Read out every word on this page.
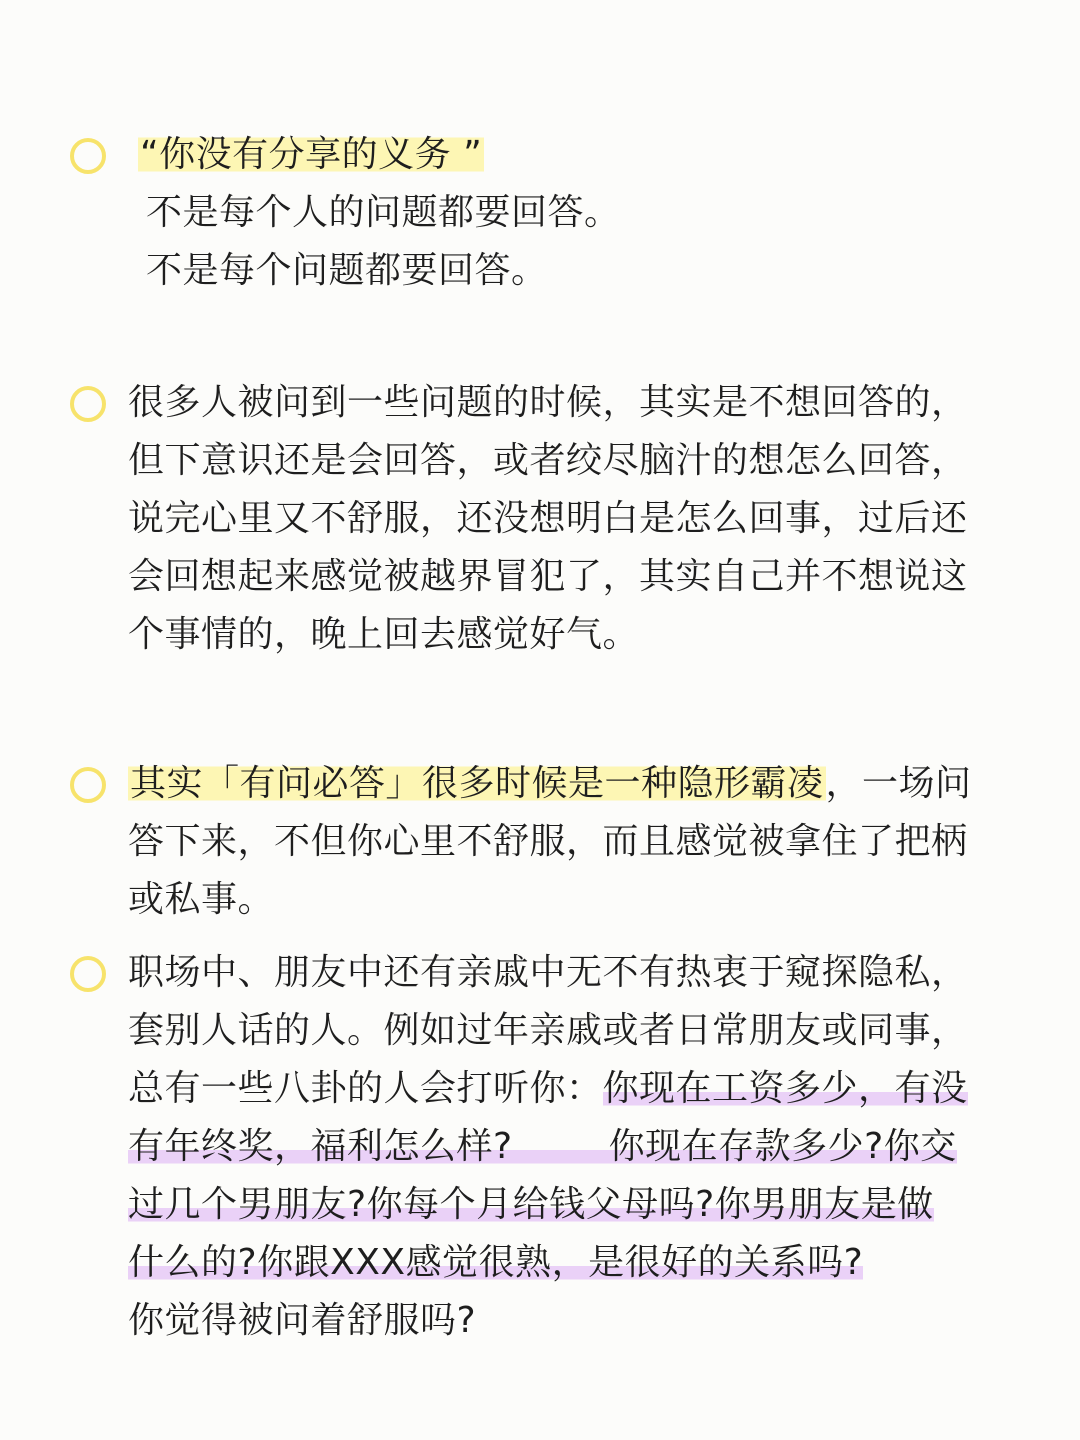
“你没有分享的义务 ”
不是每个人的问题都要回答。
不是每个问题都要回答。
很多人被问到一些问题的时候，其实是不想回答的，
但下意识还是会回答，或者绞尽脑汁的想怎么回答，
说完心里又不舒服，还没想明白是怎么回事，过后还
会回想起来感觉被越界冒犯了，其实自己并不想说这
个事情的，晚上回去感觉好气。
其实「有问必答」很多时候是一种隐形霸凌，一场问
答下来，不但你心里不舒服，而且感觉被拿住了把柄
或私事。
职场中、朋友中还有亲戚中无不有热衷于窥探隐私，
套别人话的人。例如过年亲戚或者日常朋友或同事，
总有一些八卦的人会打听你：你现在工资多少，有没
有年终奖，福利怎么样?	你现在存款多少?你交
过几个男朋友?你每个月给钱父母吗?你男朋友是做
什么的?你跟XXX感觉很熟，是很好的关系吗?
你觉得被问着舒服吗?
